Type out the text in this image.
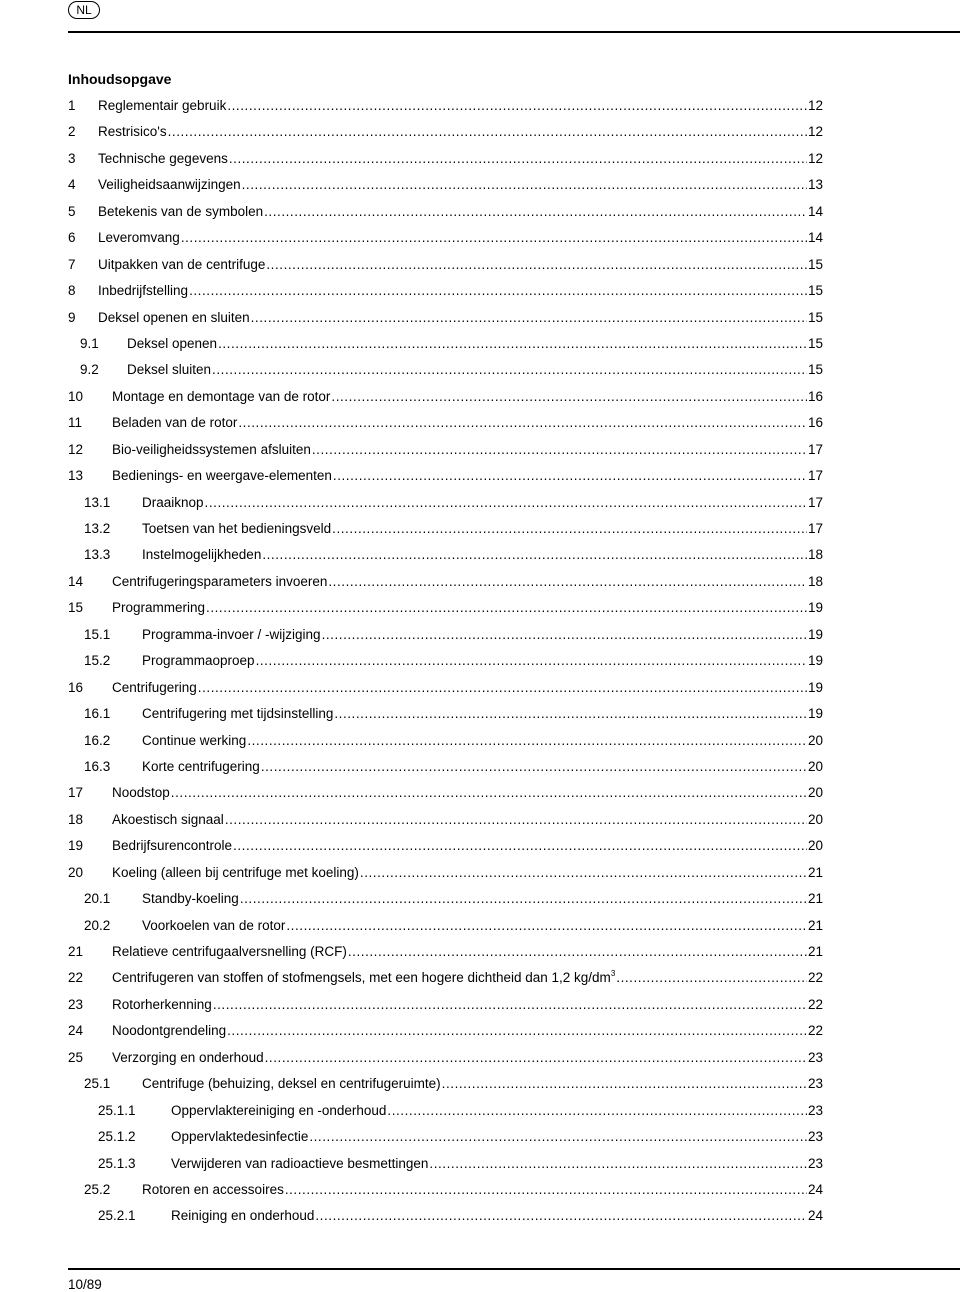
NL
Inhoudsopgave
1	Reglementair gebruik . . .	12
2	Restrisico's . . .	12
3	Technische gegevens . . .	12
4	Veiligheidsaanwijzingen . . .	13
5	Betekenis van de symbolen . . .	14
6	Leveromvang . . .	14
7	Uitpakken van de centrifuge . . .	15
8	Inbedrijfstelling . . .	15
9	Deksel openen en sluiten . . .	15
9.1	Deksel openen . . .	15
9.2	Deksel sluiten . . .	15
10	Montage en demontage van de rotor . . .	16
11	Beladen van de rotor . . .	16
12	Bio-veiligheidssystemen afsluiten . . .	17
13	Bedienings- en weergave-elementen . . .	17
13.1	Draaiknop . . .	17
13.2	Toetsen van het bedieningsveld . . .	17
13.3	Instelmogelijkheden . . .	18
14	Centrifugeringsparameters invoeren . . .	18
15	Programmering . . .	19
15.1	Programma-invoer / -wijziging . . .	19
15.2	Programmaoproep . . .	19
16	Centrifugering . . .	19
16.1	Centrifugering met tijdsinstelling . . .	19
16.2	Continue werking . . .	20
16.3	Korte centrifugering . . .	20
17	Noodstop . . .	20
18	Akoestisch signaal . . .	20
19	Bedrijfsurencontrole . . .	20
20	Koeling (alleen bij centrifuge met koeling) . . .	21
20.1	Standby-koeling . . .	21
20.2	Voorkoelen van de rotor . . .	21
21	Relatieve centrifugaalversnelling (RCF) . . .	21
22	Centrifugeren van stoffen of stofmengsels, met een hogere dichtheid dan 1,2 $kg/dm^3$ . . .	22
23	Rotorherkenning . . .	22
24	Noodontgrendeling . . .	22
25	Verzorging en onderhoud . . .	23
25.1	Centrifuge (behuizing, deksel en centrifugeruimte) . . .	23
25.1.1	Oppervlaktereiniging en -onderhoud . . .	23
25.1.2	Oppervlaktedesinfectie . . .	23
25.1.3	Verwijderen van radioactieve besmettingen . . .	23
25.2	Rotoren en accessoires . . .	24
25.2.1	Reiniging en onderhoud . . .	24
10/89
